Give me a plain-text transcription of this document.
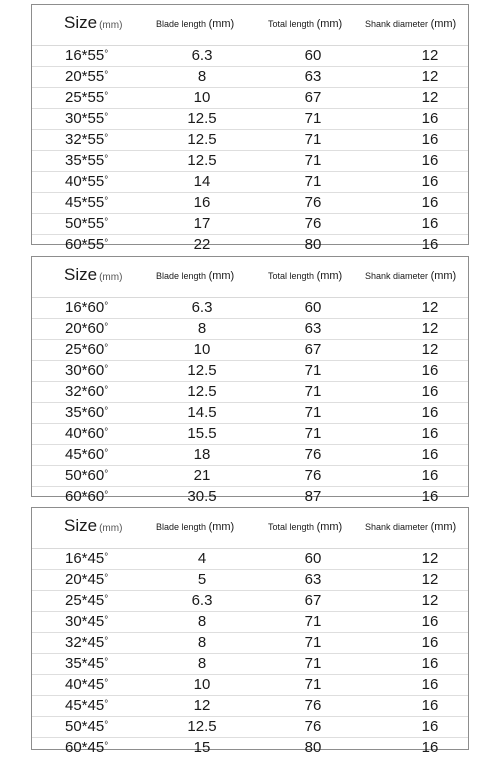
Size (mm)	Blade length (mm)	Total length (mm)	Shank diameter (mm)
16*55°	6.3	60	12
20*55°	8	63	12
25*55°	10	67	12
30*55°	12.5	71	16
32*55°	12.5	71	16
35*55°	12.5	71	16
40*55°	14	71	16
45*55°	16	76	16
50*55°	17	76	16
60*55°	22	80	16
Size (mm)	Blade length (mm)	Total length (mm)	Shank diameter (mm)
16*60°	6.3	60	12
20*60°	8	63	12
25*60°	10	67	12
30*60°	12.5	71	16
32*60°	12.5	71	16
35*60°	14.5	71	16
40*60°	15.5	71	16
45*60°	18	76	16
50*60°	21	76	16
60*60°	30.5	87	16
Size (mm)	Blade length (mm)	Total length (mm)	Shank diameter (mm)
16*45°	4	60	12
20*45°	5	63	12
25*45°	6.3	67	12
30*45°	8	71	16
32*45°	8	71	16
35*45°	8	71	16
40*45°	10	71	16
45*45°	12	76	16
50*45°	12.5	76	16
60*45°	15	80	16
